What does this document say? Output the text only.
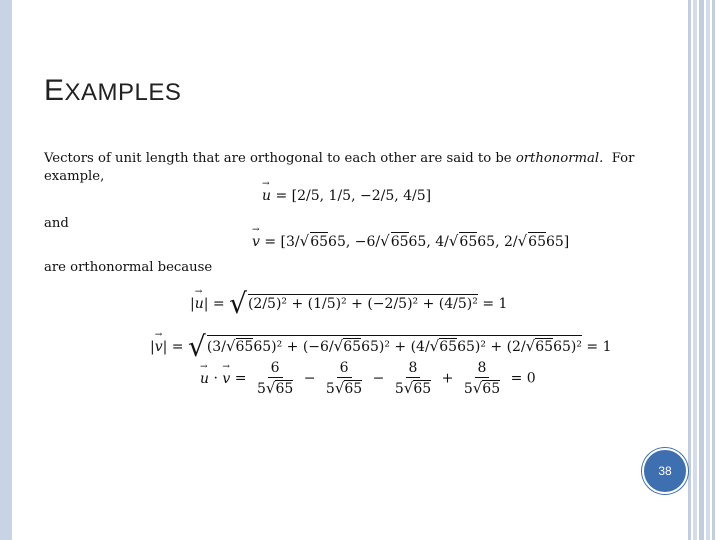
EXAMPLES
Vectors of unit length that are orthogonal to each other are said to be orthonormal. For example,
→ u = [2/5, 1/5, −2/5, 4/5]
and
→ v = [3/√6565, −6/√6565, 4/√6565, 2/√6565]
are orthonormal because
|→ u| = √(2/5)² + (1/5)² + (−2/5)² + (4/5)² = 1
|→ v| = √(3/√6565)² + (−6/√6565)² + (4/√6565)² + (2/√6565)² = 1
→ u · → $v = \frac{6}{5√65} - \frac{6}{5√65} - \frac{8}{5√65} + \frac{8}{5√65} = 0$
38
